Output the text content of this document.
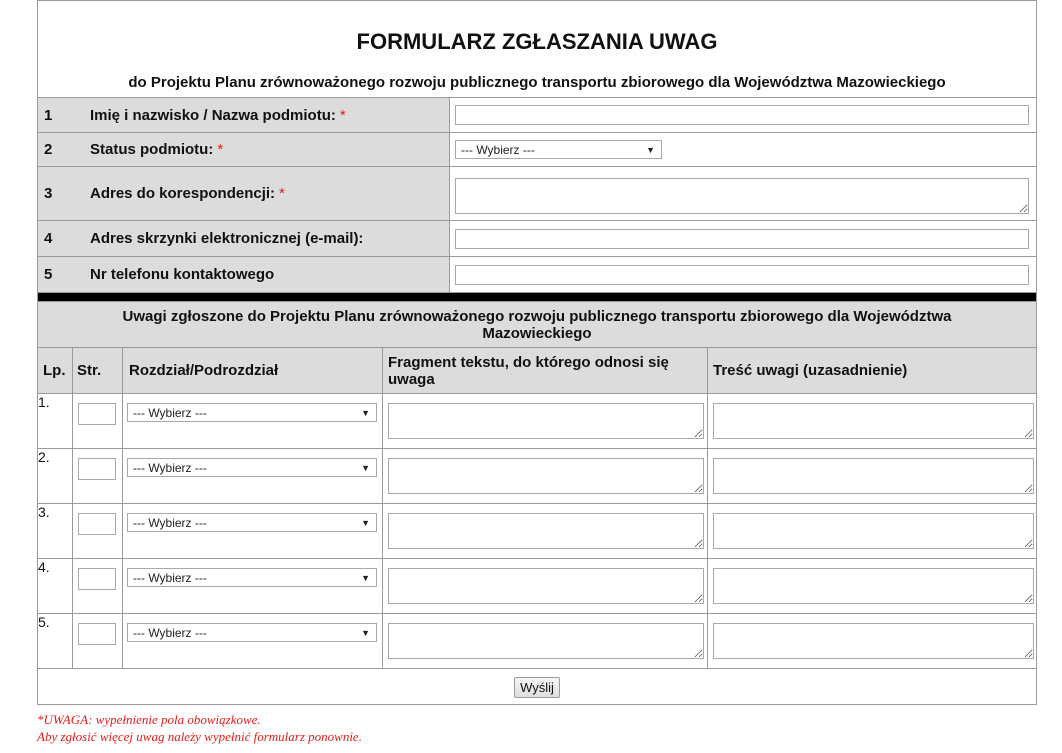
FORMULARZ ZGŁASZANIA UWAG
do Projektu Planu zrównoważonego rozwoju publicznego transportu zbiorowego dla Województwa Mazowieckiego					

1 Imię i nazwisko / Nazwa podmiotu: *

2 Status podmiotu: *				--- Wybierz --- ▼	

3 Adres do korespondencji: *

4 Adres skrzynki elektronicznej (e-mail):

5 Nr telefonu kontaktowego

Uwagi zgłoszone do Projektu Planu zrównoważonego rozwoju publicznego transportu zbiorowego dla Województwa Mazowieckiego					

Lp.	Str.	Rozdział/Podrozdział	Fragment tekstu, do którego odnosi się uwaga		Treść uwagi (uzasadnienie)
1.		--- Wybierz --- ▼

2.		--- Wybierz --- ▼

3.		--- Wybierz --- ▼

4.		--- Wybierz --- ▼

5.		--- Wybierz --- ▼

Wyślij					
*UWAGA: wypełnienie pola obowiązkowe.
Aby zgłosić więcej uwag należy wypełnić formularz ponownie.
